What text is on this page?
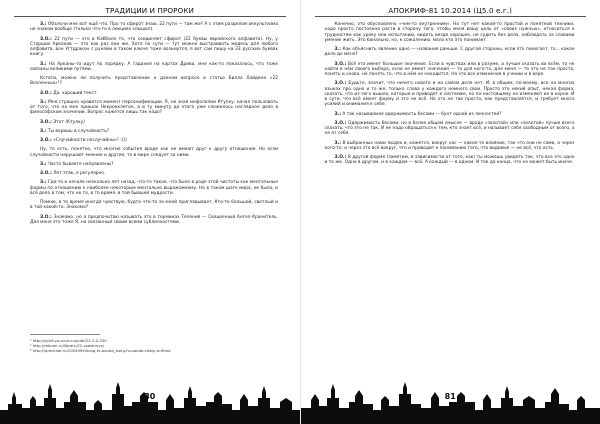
ТРАДИЦИИ И ПРОРОКИ

З.: Объясни мне вот ещё что. Про то сфирот знаю, 22 пути — там же? А с этим разделом оккультизма не знаком вообще (только что-то в лекциях слышал).

З.О.: 22 пути — это в Каббале то, что соединяет сфирот (22 буквы еврейского алфавита). Ну, у Старших Арканов — это как раз они же. Хотя по сути — тут можно выстраивать модель для любого алфавита, вон Угтдракон с рунами в таком ключе тоже возьмутся, я вот сам пишу на 33 русских буквах книгу.

З.: На Арканы-то идут по порядку. А гадания на картах Дрива, мне как-то показалось, что тоже связаны великими путями.

Кстати, можно ли получить представление о данном вопросе в статье Билла Хайдена «22 Вселенных»¹?

З.О.: Да, хороший текст.

З.: Мне страшно нравится момент персонификации. Я, не зная инфолопии Ктулху, начал пользовать от того, что на мне пришло Некронклетон, а в ту минуту до этого уже сложилось наглядное дело в философском значении. Вопрос кажется лишь так надо?

З.О.: Этот (Ктулху)

З.: Ты веришь в случайность?

З.О.: «Случайности неслучайны»² :)))

Ну, то есть, понятно, что многие события вроде как не имеют друг к другу отношения. Но если случайности нарушают мнение и другие, то в мире следует за ними.

З.: Часто бываете направлены?

З.О.: Лет этак, я регулярно.

З.: Где-то в начале несколько лет назад, что-то такое, что было в роде этой чистоты как ментальные формы по отношению к наиболее некоторым ментально выражаемому. Но в таком шаге мира, не было, и всё дело в том, что не то, в то время, в той бывшей мудрости.

Помню, в то время иногда чувствую, будто что-то за мной приглядывает. Кто-то большой, светлый и в той какой-то. Знакомо?

З.О.: Знакомо, но я предпочитаю называть это в терминах Теления — Священный Ангел-Хранитель. Для меня это тоже Я, но связанный своим всеми субличностями.

¹ http://spirit-ps.ucoz.ru/publ/22-1-0-250
² http://rekumi.ru/library/22-vselennyx/
³ http://wrecknal.ru/1004995/kung-fu-panda_kung-fu-panda-citaty-iz-filma
80
АПОКРИФ-81 10.2014 (Ц5.0 е.г.)

Конечно, это обусловлено «чем-то внутренним». Но тут нет какой-то простой и понятной техники, надо просто постоянно расти в сторону того, чтобы меня вашу цель от «своих нужных», относиться к трудностям как уроку или испытанию, видеть везде хорошее, не судить без дела, наблюдать за словами умение жить. Это банально, но, к сожалению, мало кто это понимает.

З.: Как объяснить явление одно — названия раньше. С другой стороны, если это помогает, то... какое дело до меня?

З.О.: Всё это имеет большое значение. Если в чувствах или в разуме, а лучше сказать во всём, то не найти в нём своего выбора, если не имеет значения — то для кого-то, для меня — то это не так просто, понять и снова, не понять то, что в нём не находится. На это все изменения в учении и в вере.

З.О.: Будьте, значит, что ничего нового и на самом деле нет. И, в общем, по-моему, все на многих языках про одно и то же, только слова у каждого немного свои. Просто это некий опыт, некая форма, сказать, что из чего вышло, которые и приводят к системам, но по-настоящему не изменяют их в корне. И в сути, что всё имеет форму и это не всё. Но это не так просто, как представляется, и требует много усилий и внимания к себе.

З.: А так называемая одержимость бесами — бунт одной из личностей?

З.О.: Одержимость бесами, но в более общем смысле — вроде «золотой» или «золотой» лучше всего сказать, что это не так. И не надо обращаться к тем, кто знает всё, и называет себя свободным от всего, а не от себя.

З.: В выбранных нами людях и, кажется, вокруг нас — какое-то влияние, так что они не сами, а через кого-то, и через это всё вокруг, что и приводит к пониманию того, что видимое — не всё, что есть.

З.О.: В другой форме (заметим, в зависимости от того, как) ты можешь увидеть так, что все это одно и то же. Одно в другом, и в каждом — всё. А каждый — в одном. И так до конца, что не может быть иначе.

81
